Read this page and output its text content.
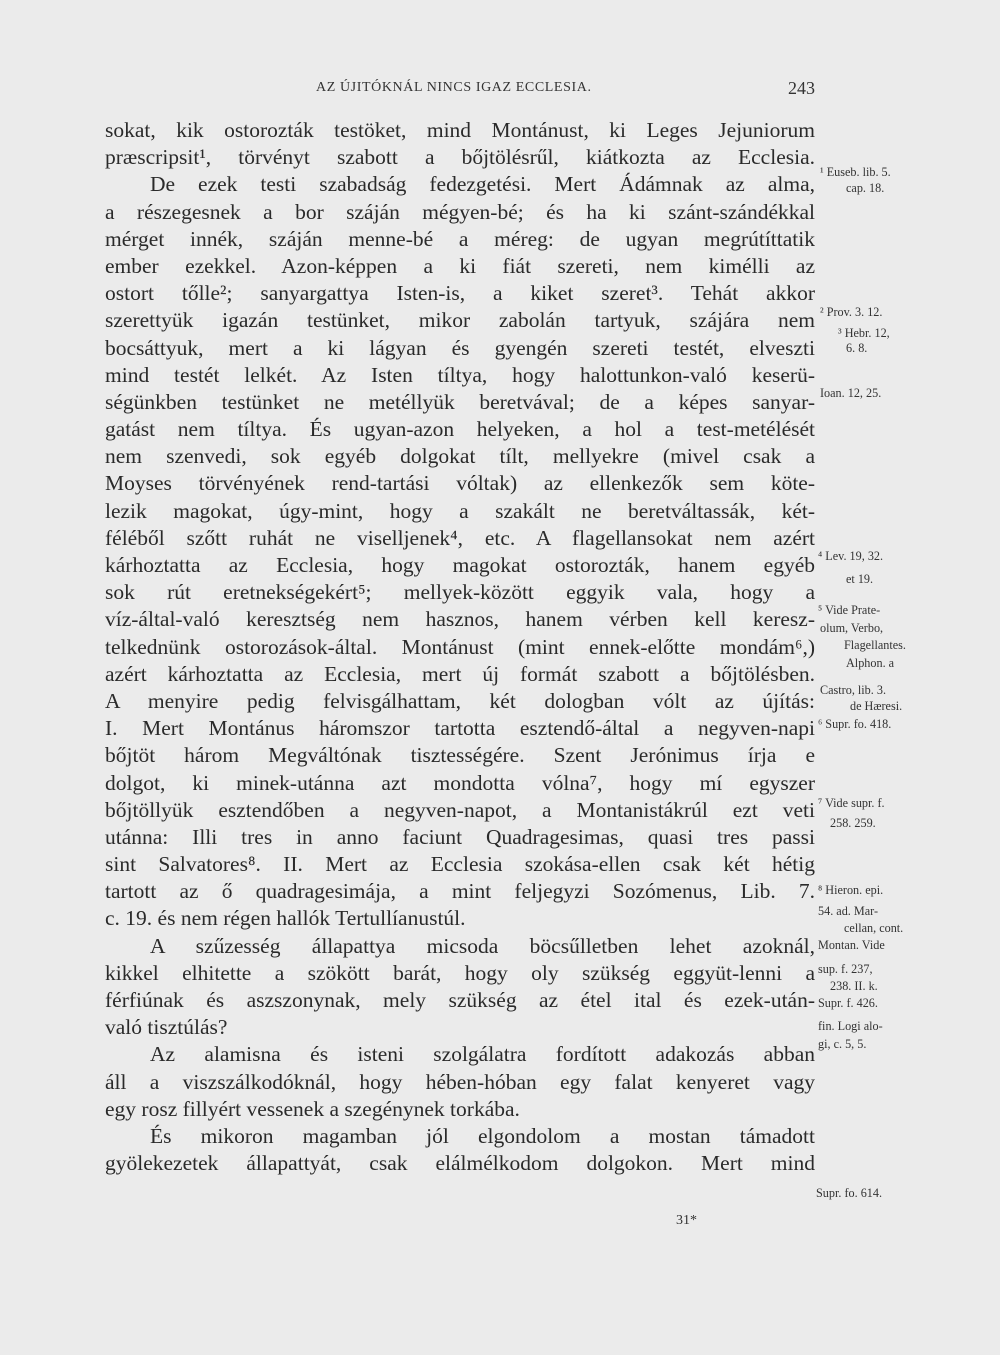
AZ ÚJITÓKNÁL NINCS IGAZ ECCLESIA.	243
sokat, kik ostorozták testöket, mind Montánust, ki Leges Jejuniorum
præscripsit¹, törvényt szabott a bőjtölésrűl, kiátkozta az Ecclesia.
De ezek testi szabadság fedezgetési. Mert Ádámnak az alma,
a részegesnek a bor száján mégyen-bé; és ha ki szánt-szándékkal
mérget innék, száján menne-bé a méreg: de ugyan megrútíttatik
ember ezekkel. Azon-képpen a ki fiát szereti, nem kimélli az
ostort tőlle²; sanyargattya Isten-is, a kiket szeret³. Tehát akkor
szerettyük igazán testünket, mikor zabolán tartyuk, szájára nem
bocsáttyuk, mert a ki lágyan és gyengén szereti testét, elveszti
mind testét lelkét. Az Isten tíltya, hogy halottunkon-való keserü-
ségünkben testünket ne metéllyük beretvával; de a képes sanyar-
gatást nem tíltya. És ugyan-azon helyeken, a hol a test-metélését
nem szenvedi, sok egyéb dolgokat tílt, mellyekre (mivel csak a
Moyses törvényének rend-tartási vóltak) az ellenkezők sem köte-
lezik magokat, úgy-mint, hogy a szakált ne beretváltassák, két-
féléből szőtt ruhát ne viselljenek⁴, etc. A flagellansokat nem azért
kárhoztatta az Ecclesia, hogy magokat ostorozták, hanem egyéb
sok rút eretnekségekért⁵; mellyek-között eggyik vala, hogy a
víz-által-való keresztség nem hasznos, hanem vérben kell keresz-
telkednünk ostorozások-által. Montánust (mint ennek-előtte mondám⁶,)
azért kárhoztatta az Ecclesia, mert új formát szabott a bőjtölésben.
A menyire pedig felvisgálhattam, két dologban vólt az újítás:
I. Mert Montánus háromszor tartotta esztendő-által a negyven-napi
bőjtöt három Megváltónak tisztességére. Szent Jerónimus írja e
dolgot, ki minek-utánna azt mondotta vólna⁷, hogy mí egyszer
bőjtöllyük esztendőben a negyven-napot, a Montanistákrúl ezt veti
utánna: Illi tres in anno faciunt Quadragesimas, quasi tres passi
sint Salvatores⁸. II. Mert az Ecclesia szokása-ellen csak két hétig
tartott az ő quadragesimája, a mint feljegyzi Sozómenus, Lib. 7.
c. 19. és nem régen hallók Tertullíanustúl.
A szűzesség állapattya micsoda böcsűlletben lehet azoknál,
kikkel elhitette a szökött barát, hogy oly szükség eggyüt-lenni a
férfiúnak és aszszonynak, mely szükség az étel ital és ezek-után-
való tisztúlás?
Az alamisna és isteni szolgálatra fordított adakozás abban
áll a viszszálkodóknál, hogy hében-hóban egy falat kenyeret vagy
egy rosz fillyért vessenek a szegénynek torkába.
És mikoron magamban jól elgondolom a mostan támadott
gyölekezetek állapattyát, csak elálmélkodom dolgokon. Mert mind
¹ Euseb. lib. 5.
cap. 18.
² Prov. 3. 12.
³ Hebr. 12,
6. 8.
Ioan. 12, 25.
⁴ Lev. 19, 32.
et 19.
⁵ Vide Prate-
olum, Verbo,
Flagellantes.
Alphon. a
Castro, lib. 3.
de Hæresi.
⁶ Supr. fo. 418.
⁷ Vide supr. f.
258. 259.
⁸ Hieron. epi.
54. ad. Mar-
cellan, cont.
Montan. Vide
sup. f. 237,
238. II. k.
Supr. f. 426.
fin. Logi alo-
gi, c. 5, 5.
Supr. fo. 614.
31*
